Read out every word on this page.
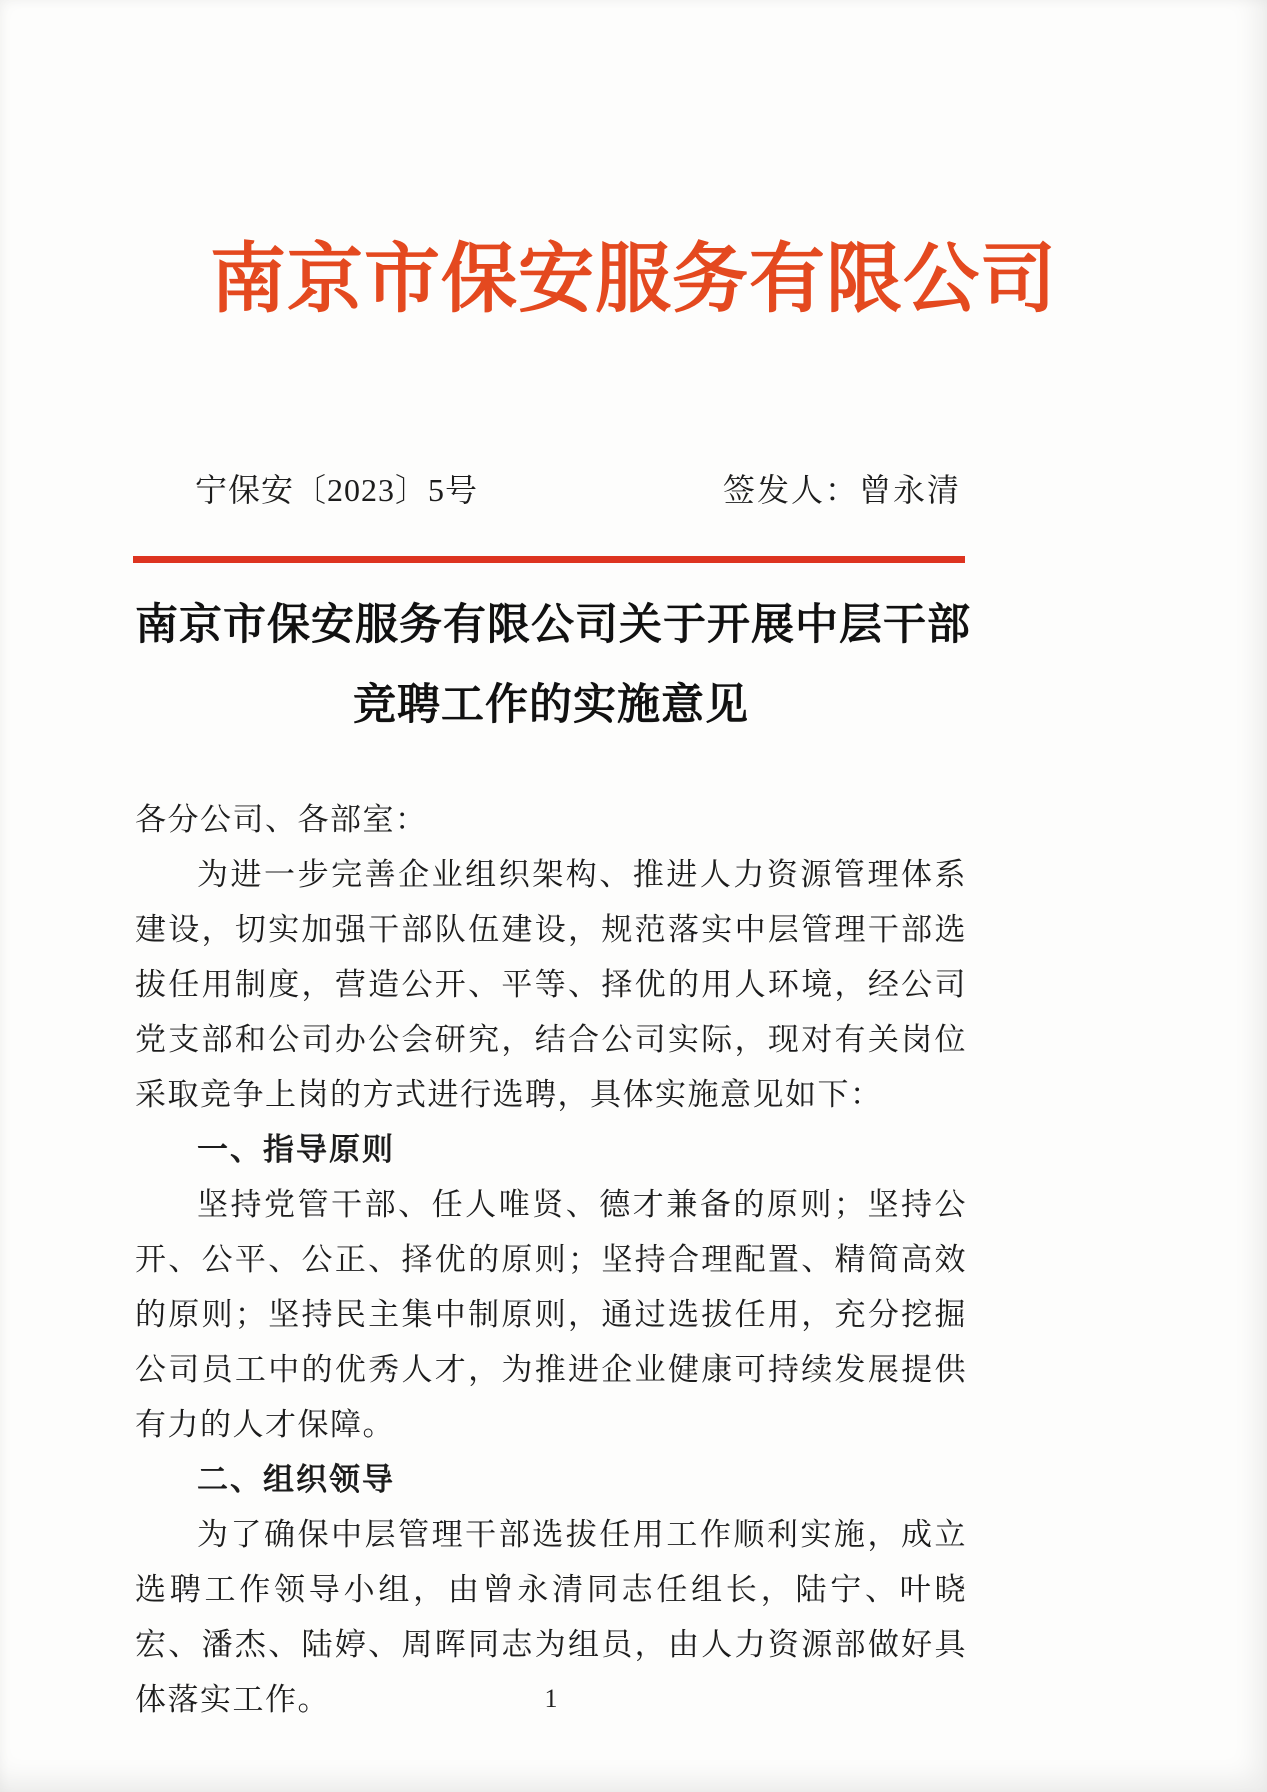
南京市保安服务有限公司
宁保安〔2023〕5号	签发人：曾永清
南京市保安服务有限公司关于开展中层干部
竞聘工作的实施意见

各分公司、各部室：

为进一步完善企业组织架构、推进人力资源管理体系建设，切实加强干部队伍建设，规范落实中层管理干部选拔任用制度，营造公开、平等、择优的用人环境，经公司党支部和公司办公会研究，结合公司实际，现对有关岗位采取竞争上岗的方式进行选聘，具体实施意见如下：

一、指导原则

坚持党管干部、任人唯贤、德才兼备的原则；坚持公开、公平、公正、择优的原则；坚持合理配置、精简高效的原则；坚持民主集中制原则，通过选拔任用，充分挖掘公司员工中的优秀人才，为推进企业健康可持续发展提供有力的人才保障。

二、组织领导

为了确保中层管理干部选拔任用工作顺利实施，成立选聘工作领导小组，由曾永清同志任组长，陆宁、叶晓宏、潘杰、陆婷、周晖同志为组员，由人力资源部做好具体落实工作。	1
